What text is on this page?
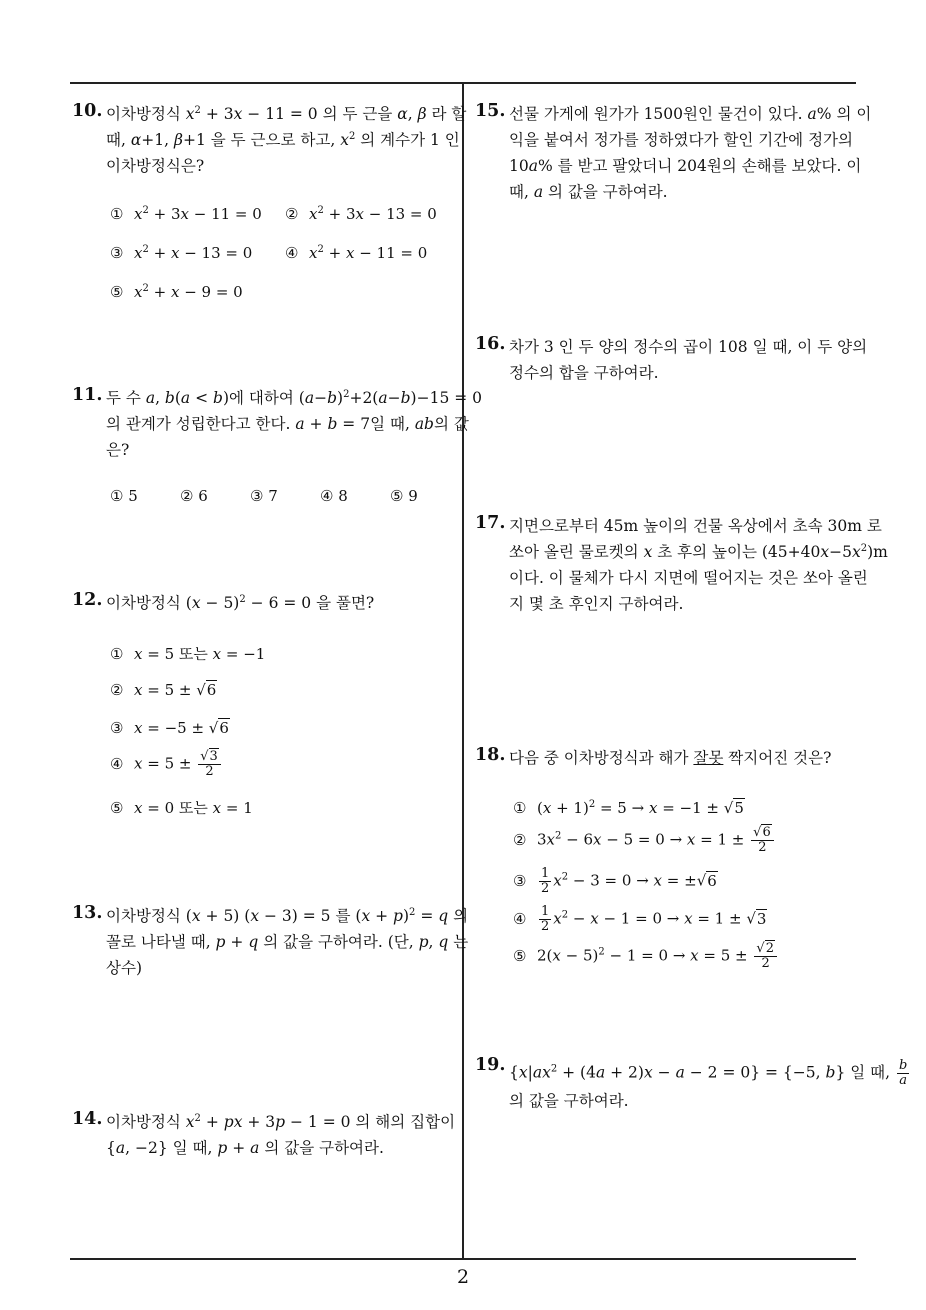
10. 이차방정식 $x^2 + 3x - 11 = 0$ 의 두 근을 α, β 라 할
때, α+1, β+1 을 두 근으로 하고, $x^2$ 의 계수가 1 인
이차방정식은?
① $x^2 + 3x - 11 = 0$ ② $x^2 + 3x - 13 = 0$
③ $x^2 + x - 13 = 0$ ④ $x^2 + x - 11 = 0$
⑤ $x^2 + x - 9 = 0$
11. 두 수 a, b(a < b)에 대하여 $(a-b)^2+2(a-b)-15 = 0$
의 관계가 성립한다고 한다. a + b = 7일 때, ab의 값
은?
① 5	② 6	③ 7	④ 8	⑤ 9
12. 이차방정식 $(x - 5)^2 - 6 = 0$ 을 풀면?
① x = 5 또는 x = −1
② x = 5 ± √6
③ x = −5 ± √6
④ $x = 5 \pm \frac{√3}{2}$
⑤ x = 0 또는 x = 1
13. 이차방정식 (x + 5) (x − 3) = 5 를 $(x + p)^2 = q$ 의
꼴로 나타낼 때, p + q 의 값을 구하여라. (단, p, q 는
상수)
14. 이차방정식 $x^2$ + px + 3p − 1 = 0 의 해의 집합이
{a, −2} 일 때, p + a 의 값을 구하여라.
15. 선물 가게에 원가가 1500원인 물건이 있다. a% 의 이
익을 붙여서 정가를 정하였다가 할인 기간에 정가의
10a% 를 받고 팔았더니 204원의 손해를 보았다. 이
때, a 의 값을 구하여라.
16. 차가 3 인 두 양의 정수의 곱이 108 일 때, 이 두 양의
정수의 합을 구하여라.
17. 지면으로부터 45m 높이의 건물 옥상에서 초속 30m 로
쏘아 올린 물로켓의 x 초 후의 높이는 $(45+40x-5x^2)m$
이다. 이 물체가 다시 지면에 떨어지는 것은 쏘아 올린
지 몇 초 후인지 구하여라.
18. 다음 중 이차방정식과 해가 잘못 짝지어진 것은?
① $(x + 1)^2 = 5 \to x = -1 \pm √5$
② $3x^2 - 6x - 5 = 0 \to x = 1 \pm \frac{√6}{2}$
③ $\frac{1}{2} x^2 - 3 = 0 \to x = \pm√6$
④ $\frac{1}{2} x^2 - x - 1 = 0 \to x = 1 \pm √3$
⑤ $2(x - 5)^2 - 1 = 0 \to x = 5 \pm \frac{√2}{2}$
19. $\{x|ax^2 + (4a + 2)x - a - 2 = 0\} = \{-5$, b} 일 때, $\frac{b}{a}$
의 값을 구하여라.
2
